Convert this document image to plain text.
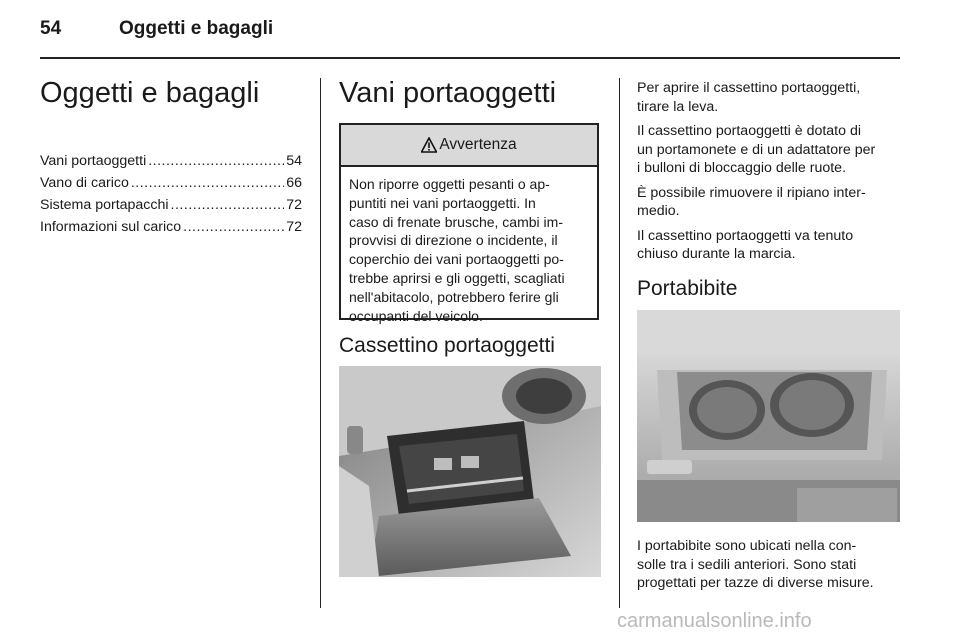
54	Oggetti e bagagli
Oggetti e bagagli
Vani portaoggetti .....	54
Vano di carico .....	66
Sistema portapacchi .....	72
Informazioni sul carico .....	72
Vani portaoggetti
Avvertenza
Non riporre oggetti pesanti o ap-
puntiti nei vani portaoggetti. In
caso di frenate brusche, cambi im-
provvisi di direzione o incidente, il
coperchio dei vani portaoggetti po-
trebbe aprirsi e gli oggetti, scagliati
nell'abitacolo, potrebbero ferire gli
occupanti del veicolo.
Cassettino portaoggetti
Per aprire il cassettino portaoggetti,
tirare la leva.
Il cassettino portaoggetti è dotato di
un portamonete e di un adattatore per
i bulloni di bloccaggio delle ruote.
È possibile rimuovere il ripiano inter-
medio.
Il cassettino portaoggetti va tenuto
chiuso durante la marcia.
Portabibite
I portabibite sono ubicati nella con-
solle tra i sedili anteriori. Sono stati
progettati per tazze di diverse misure.
carmanualsonline.info
